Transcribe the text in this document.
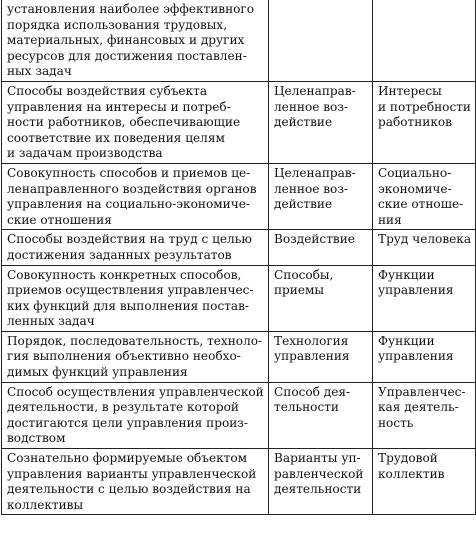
установления наиболее эффективного
порядка использования трудовых,
материальных, финансовых и других
ресурсов для достижения поставлен-
ных задач		

Способы воздействия субъекта
управления на интересы и потреб-
ности работников, обеспечивающие
соответствие их поведения целям
и задачам производства	Целенаправ-
ленное воз-
действие	Интересы
и потребности
работников

Совокупность способов и приемов це-
ленаправленного воздействия органов
управления на социально-экономиче-
ские отношения	Целенаправ-
ленное воз-
действие	Социально-
экономиче-
ские отноше-
ния

Способы воздействия на труд с целью
достижения заданных результатов	Воздействие	Труд человека

Совокупность конкретных способов,
приемов осуществления управленчес-
ких функций для выполнения постав-
ленных задач	Способы,
приемы	Функции
управления

Порядок, последовательность, техноло-
гия выполнения объективно необхо-
димых функций управления	Технология
управления	Функции
управления

Способ осуществления управленческой
деятельности, в результате которой
достигаются цели управления произ-
водством	Способ дея-
тельности	Управленчес-
кая деятель-
ность

Сознательно формируемые объектом
управления варианты управленческой
деятельности с целью воздействия на
коллективы	Варианты уп-
равленческой
деятельности	Трудовой
коллектив
